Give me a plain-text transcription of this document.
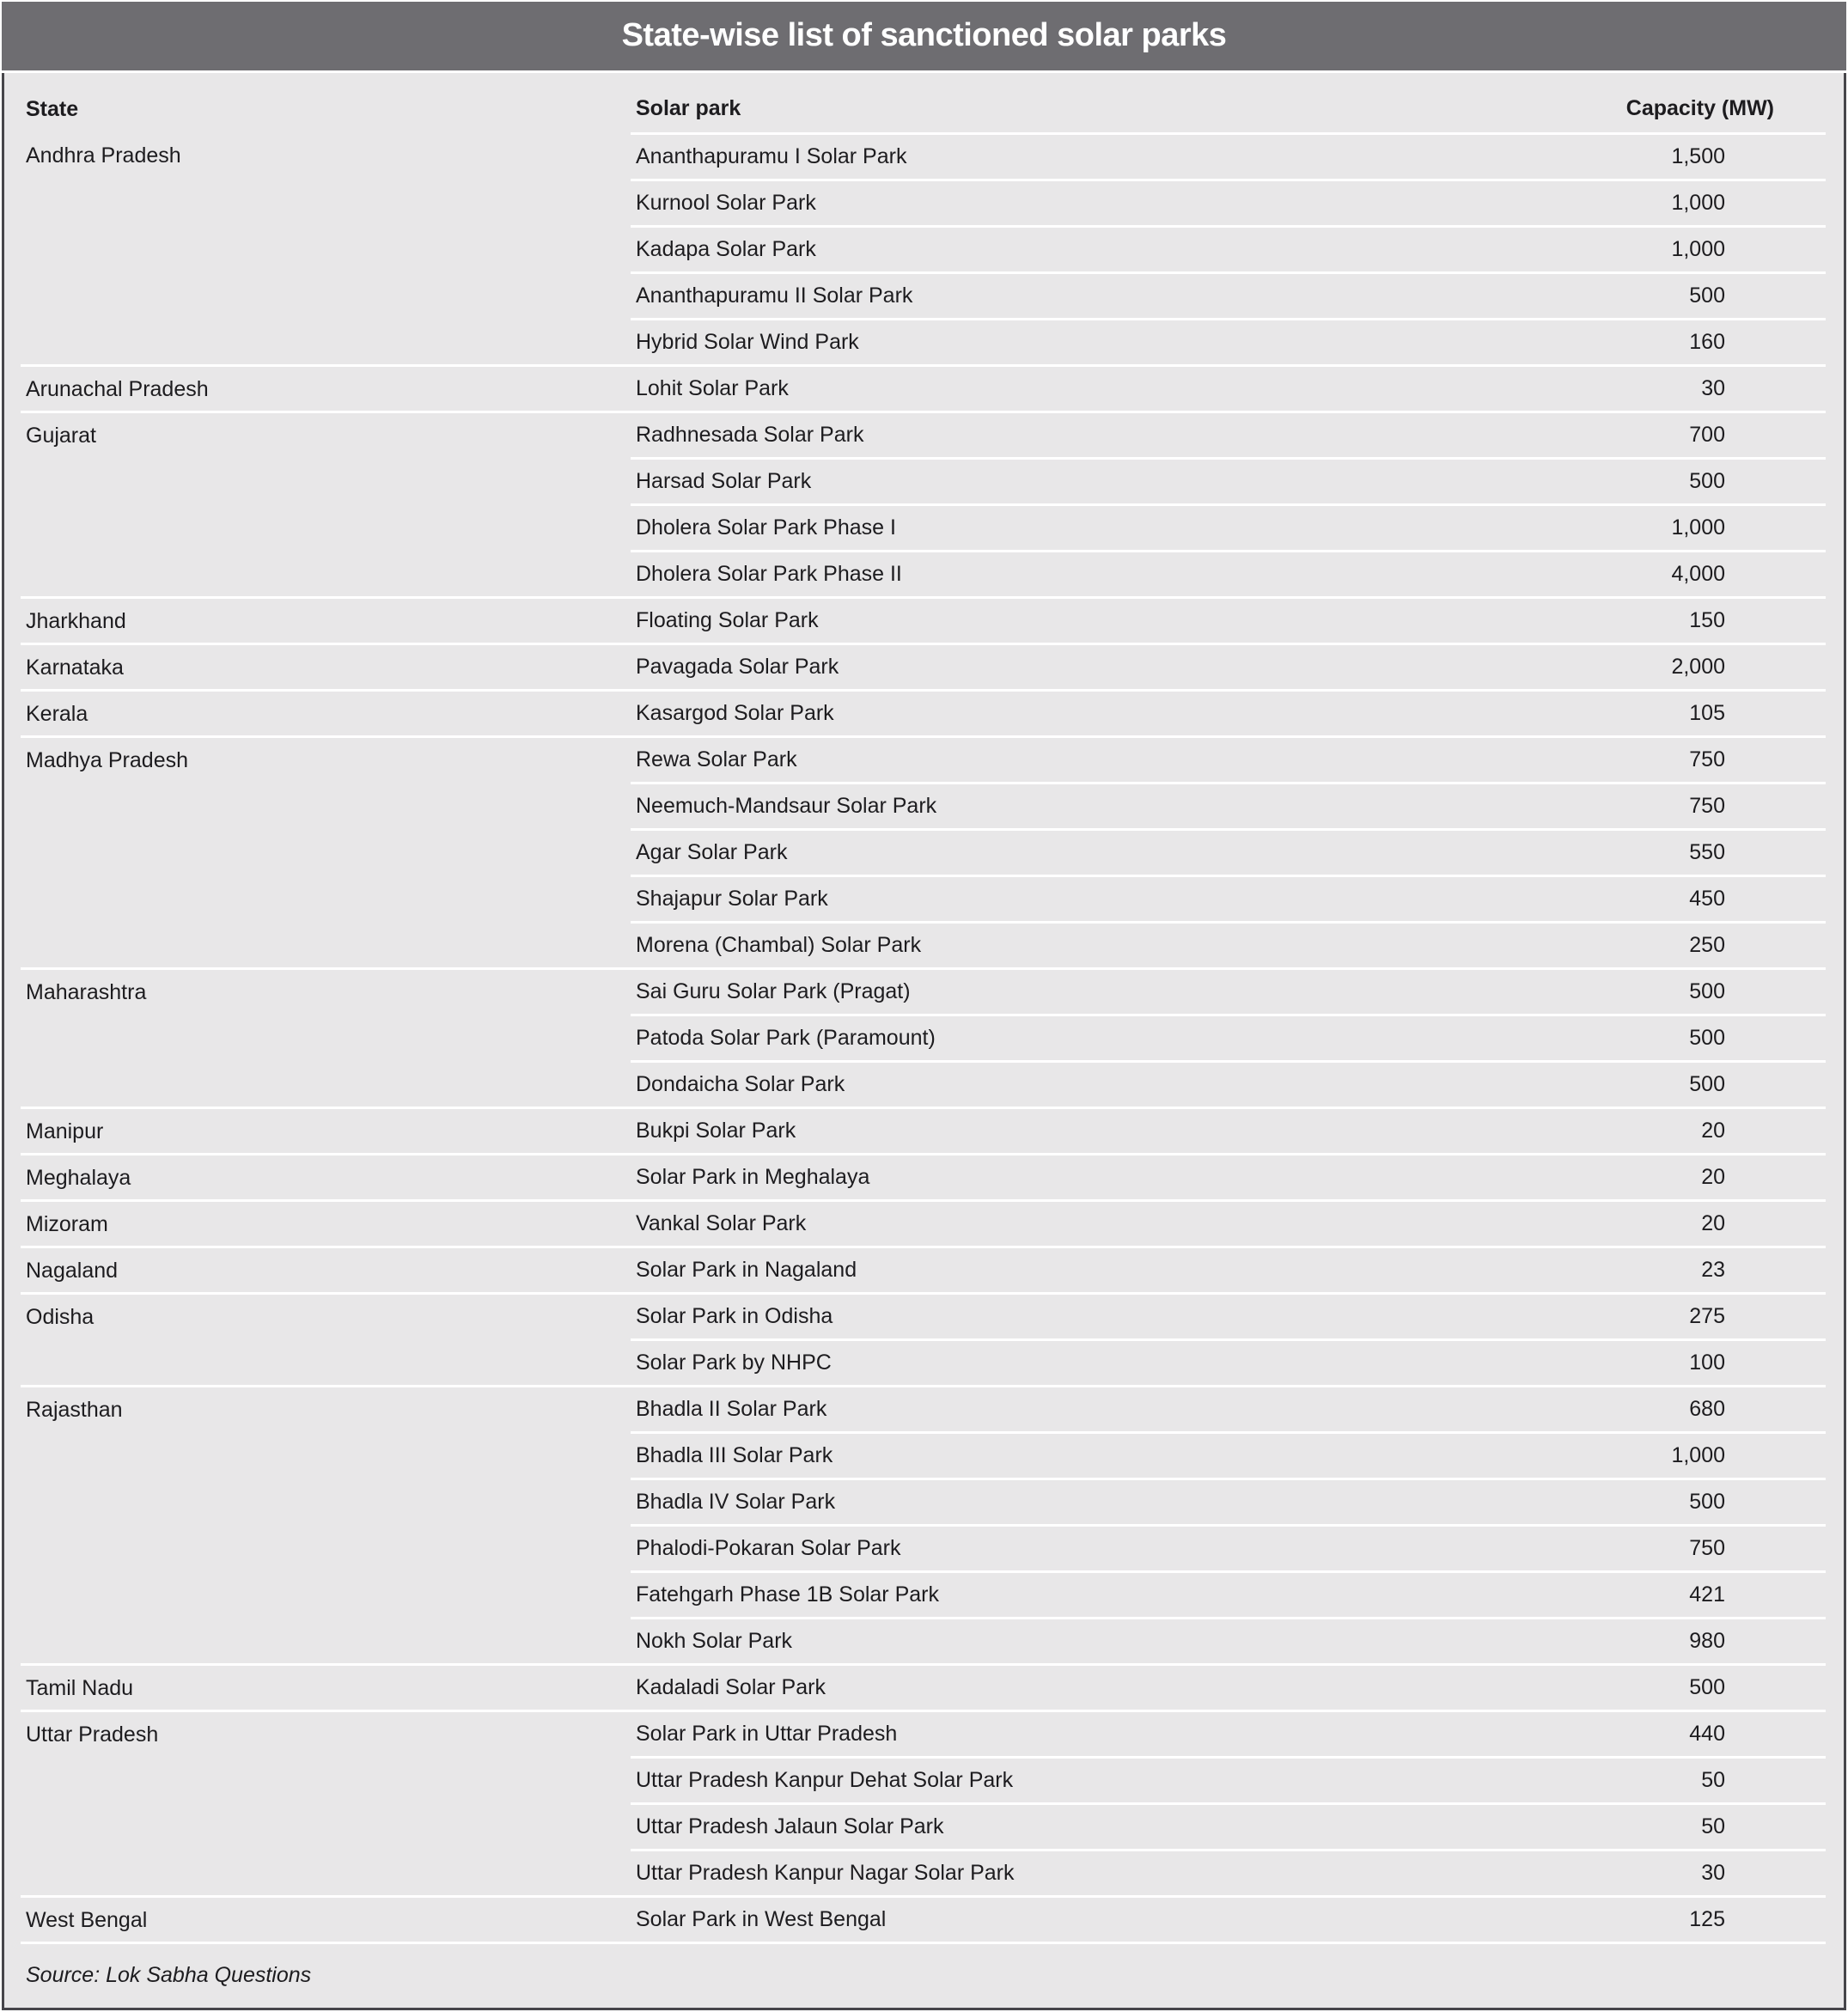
State-wise list of sanctioned solar parks
	State	Solar park	Capacity (MW)	
	Andhra Pradesh	Ananthapuramu I Solar Park	1,500	
		Kurnool Solar Park	1,000	
		Kadapa Solar Park	1,000	
		Ananthapuramu II Solar Park	500	
		Hybrid Solar Wind Park	160	
	Arunachal Pradesh	Lohit Solar Park	30	
	Gujarat	Radhnesada Solar Park	700	
		Harsad Solar Park	500	
		Dholera Solar Park Phase I	1,000	
		Dholera Solar Park Phase II	4,000	
	Jharkhand	Floating Solar Park	150	
	Karnataka	Pavagada Solar Park	2,000	
	Kerala	Kasargod Solar Park	105	
	Madhya Pradesh	Rewa Solar Park	750	
		Neemuch-Mandsaur Solar Park	750	
		Agar Solar Park	550	
		Shajapur Solar Park	450	
		Morena (Chambal) Solar Park	250	
	Maharashtra	Sai Guru Solar Park (Pragat)	500	
		Patoda Solar Park (Paramount)	500	
		Dondaicha Solar Park	500	
	Manipur	Bukpi Solar Park	20	
	Meghalaya	Solar Park in Meghalaya	20	
	Mizoram	Vankal Solar Park	20	
	Nagaland	Solar Park in Nagaland	23	
	Odisha	Solar Park in Odisha	275	
		Solar Park by NHPC	100	
	Rajasthan	Bhadla II Solar Park	680	
		Bhadla III Solar Park	1,000	
		Bhadla IV Solar Park	500	
		Phalodi-Pokaran Solar Park	750	
		Fatehgarh Phase 1B Solar Park	421	
		Nokh Solar Park	980	
	Tamil Nadu	Kadaladi Solar Park	500	
	Uttar Pradesh	Solar Park in Uttar Pradesh	440	
		Uttar Pradesh Kanpur Dehat Solar Park	50	
		Uttar Pradesh Jalaun Solar Park	50	
		Uttar Pradesh Kanpur Nagar Solar Park	30	
	West Bengal	Solar Park in West Bengal	125	
	Source: Lok Sabha Questions			
